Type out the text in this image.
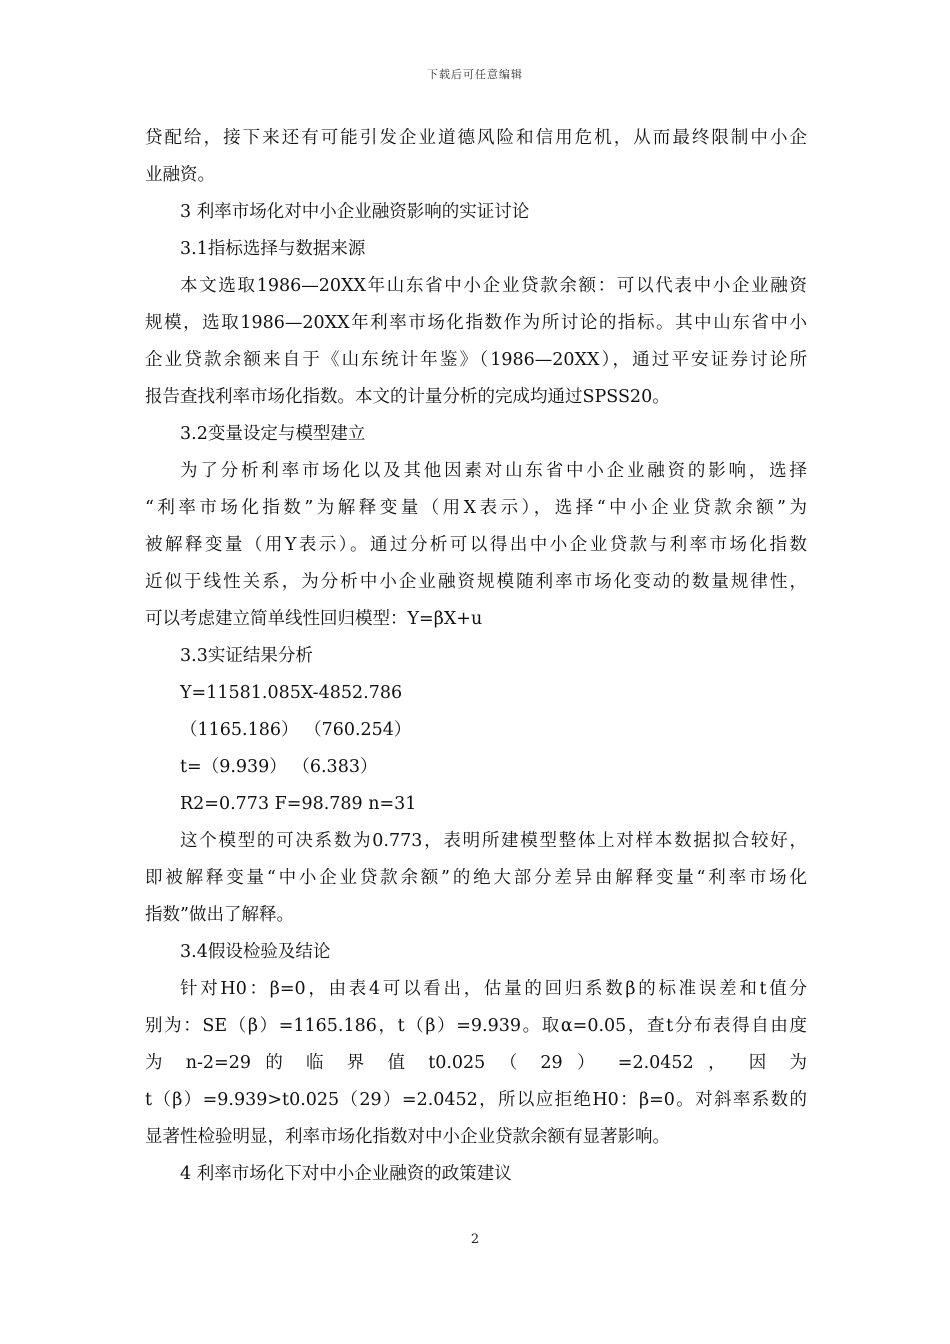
下载后可任意编辑
贷配给，接下来还有可能引发企业道德风险和信用危机，从而最终限制中小企
业融资。
3 利率市场化对中小企业融资影响的实证讨论
3.1指标选择与数据来源
本文选取1986—20XX年山东省中小企业贷款余额：可以代表中小企业融资
规模，选取1986—20XX年利率市场化指数作为所讨论的指标。其中山东省中小
企业贷款余额来自于《山东统计年鉴》（1986—20XX），通过平安证券讨论所
报告查找利率市场化指数。本文的计量分析的完成均通过SPSS20。
3.2变量设定与模型建立
为了分析利率市场化以及其他因素对山东省中小企业融资的影响，选择
“利率市场化指数”为解释变量（用X表示），选择“中小企业贷款余额”为
被解释变量（用Y表示）。通过分析可以得出中小企业贷款与利率市场化指数
近似于线性关系，为分析中小企业融资规模随利率市场化变动的数量规律性，
可以考虑建立简单线性回归模型：Y=βX+u
3.3实证结果分析
Y=11581.085X-4852.786
（1165.186） （760.254）
t=（9.939） （6.383）
R2=0.773 F=98.789 n=31
这个模型的可决系数为0.773，表明所建模型整体上对样本数据拟合较好，
即被解释变量“中小企业贷款余额”的绝大部分差异由解释变量“利率市场化
指数”做出了解释。
3.4假设检验及结论
针对H0：β=0，由表4可以看出，估量的回归系数β的标准误差和t值分
别为：SE（β）=1165.186，t（β）=9.939。取α=0.05，查t分布表得自由度
为 n-2=29 的 临 界 值 t0.025 （ 29 ） =2.0452 ， 因 为
t（β）=9.939>t0.025（29）=2.0452，所以应拒绝H0：β=0。对斜率系数的
显著性检验明显，利率市场化指数对中小企业贷款余额有显著影响。
4 利率市场化下对中小企业融资的政策建议
2
